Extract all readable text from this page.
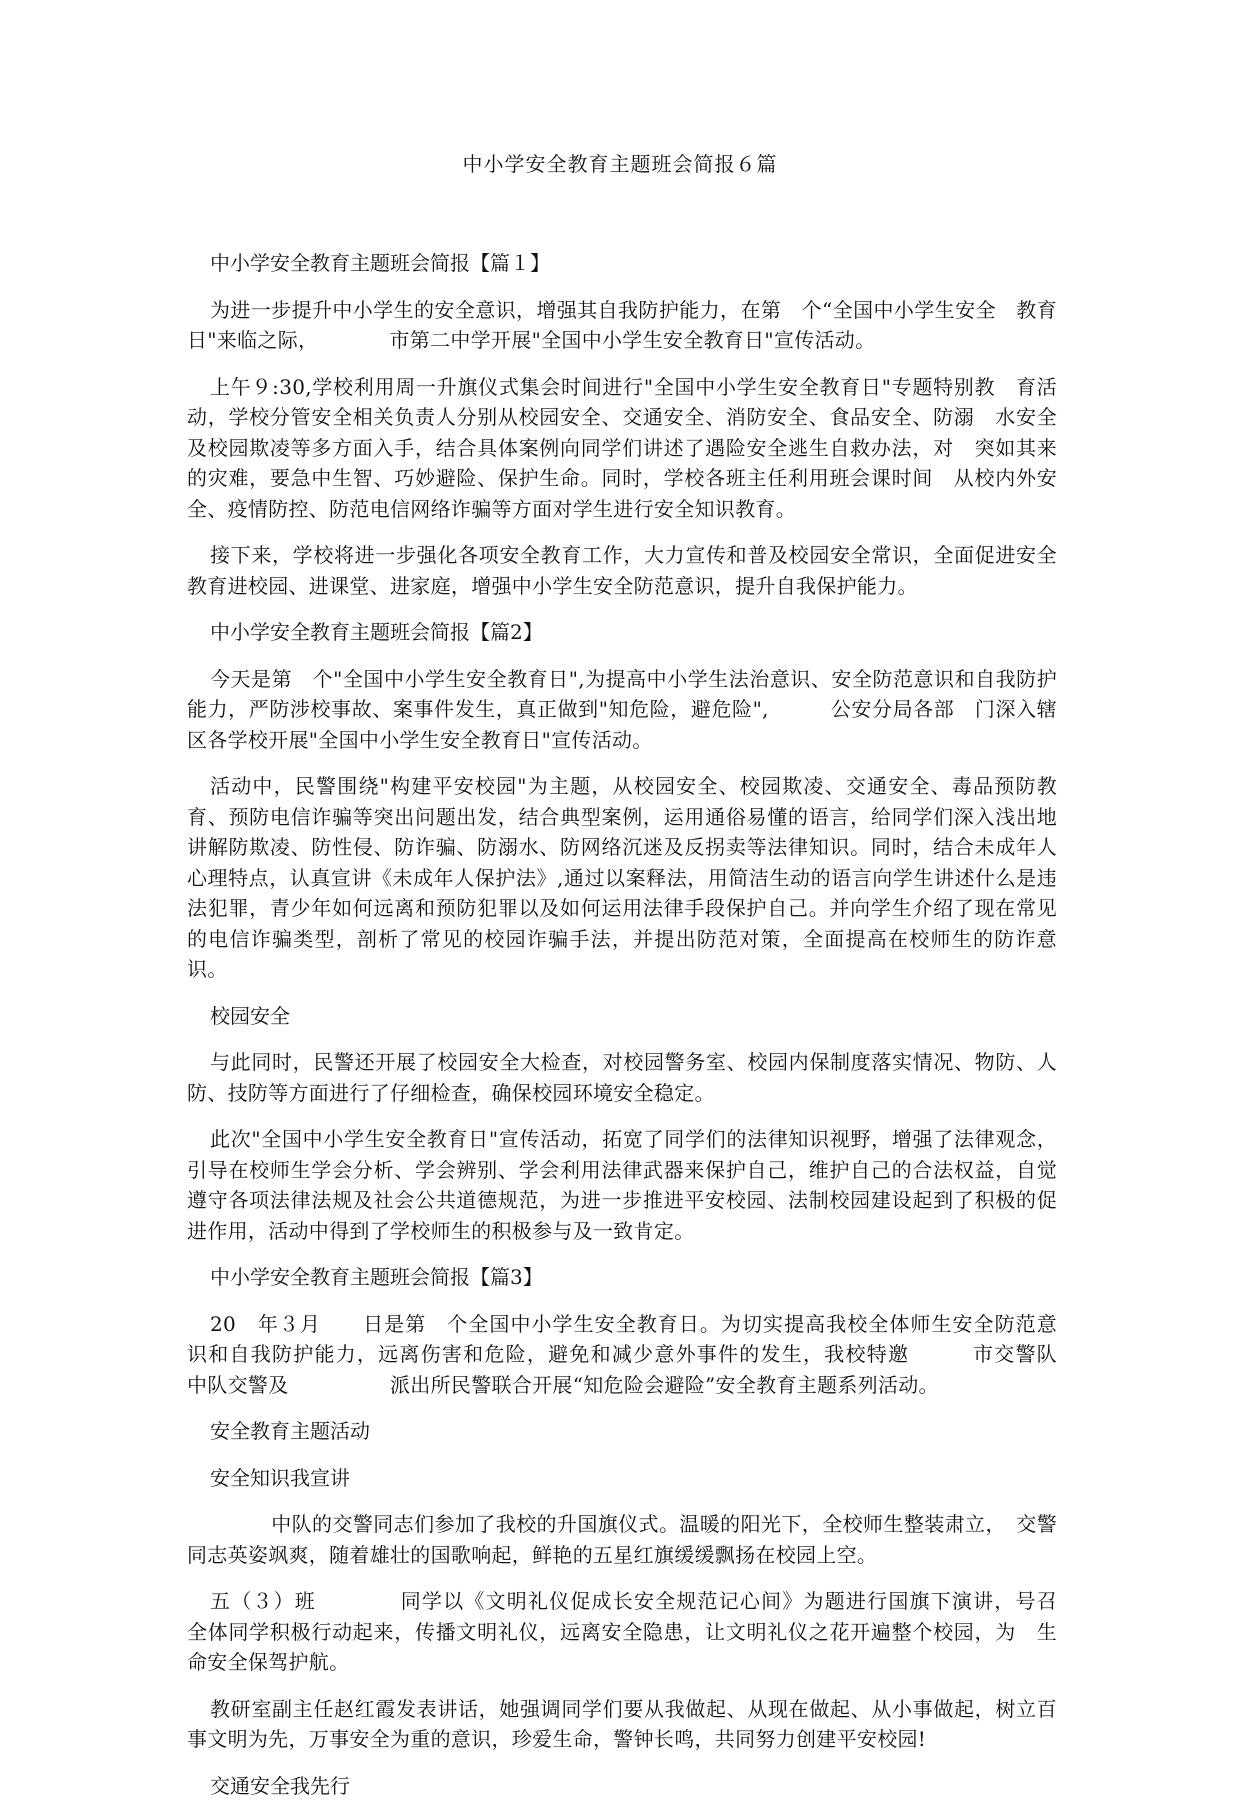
中小学安全教育主题班会简报６篇
中小学安全教育主题班会简报【篇１】
为进一步提升中小学生的安全意识，增强其自我防护能力，在第　个“全国中小学生安全　教育日"来临之际，　　　　市第二中学开展"全国中小学生安全教育日"宣传活动。
上午９:30,学校利用周一升旗仪式集会时间进行"全国中小学生安全教育日"专题特别教　育活动，学校分管安全相关负责人分别从校园安全、交通安全、消防安全、食品安全、防溺　水安全及校园欺凌等多方面入手，结合具体案例向同学们讲述了遇险安全逃生自救办法，对　突如其来的灾难，要急中生智、巧妙避险、保护生命。同时，学校各班主任利用班会课时间　从校内外安全、疫情防控、防范电信网络诈骗等方面对学生进行安全知识教育。
接下来，学校将进一步强化各项安全教育工作，大力宣传和普及校园安全常识，全面促进安全教育进校园、进课堂、进家庭，增强中小学生安全防范意识，提升自我保护能力。
中小学安全教育主题班会简报【篇2】
今天是第　个"全国中小学生安全教育日",为提高中小学生法治意识、安全防范意识和自我防护能力，严防涉校事故、案事件发生，真正做到"知危险，避危险",　　　公安分局各部　门深入辖区各学校开展"全国中小学生安全教育日"宣传活动。
活动中，民警围绕"构建平安校园"为主题，从校园安全、校园欺凌、交通安全、毒品预防教育、预防电信诈骗等突出问题出发，结合典型案例，运用通俗易懂的语言，给同学们深入浅出地讲解防欺凌、防性侵、防诈骗、防溺水、防网络沉迷及反拐卖等法律知识。同时，结合未成年人心理特点，认真宣讲《未成年人保护法》,通过以案释法，用简洁生动的语言向学生讲述什么是违法犯罪，青少年如何远离和预防犯罪以及如何运用法律手段保护自己。并向学生介绍了现在常见的电信诈骗类型，剖析了常见的校园诈骗手法，并提出防范对策，全面提高在校师生的防诈意识。
校园安全
与此同时，民警还开展了校园安全大检查，对校园警务室、校园内保制度落实情况、物防、人防、技防等方面进行了仔细检查，确保校园环境安全稳定。
此次"全国中小学生安全教育日"宣传活动，拓宽了同学们的法律知识视野，增强了法律观念，引导在校师生学会分析、学会辨别、学会利用法律武器来保护自己，维护自己的合法权益，自觉遵守各项法律法规及社会公共道德规范，为进一步推进平安校园、法制校园建设起到了积极的促进作用，活动中得到了学校师生的积极参与及一致肯定。
中小学安全教育主题班会简报【篇3】
20　年３月　　日是第　个全国中小学生安全教育日。为切实提高我校全体师生安全防范意　识和自我防护能力，远离伤害和危险，避免和减少意外事件的发生，我校特邀　　　市交警队　　中队交警及　　　　　派出所民警联合开展“知危险会避险”安全教育主题系列活动。
安全教育主题活动
安全知识我宣讲
　　　中队的交警同志们参加了我校的升国旗仪式。温暖的阳光下，全校师生整装肃立，　交警同志英姿飒爽，随着雄壮的国歌响起，鲜艳的五星红旗缓缓飘扬在校园上空。
五（３）班　　　　同学以《文明礼仪促成长安全规范记心间》为题进行国旗下演讲，号召　全体同学积极行动起来，传播文明礼仪，远离安全隐患，让文明礼仪之花开遍整个校园，为　生命安全保驾护航。
教研室副主任赵红霞发表讲话，她强调同学们要从我做起、从现在做起、从小事做起，树立百事文明为先，万事安全为重的意识，珍爱生命，警钟长鸣，共同努力创建平安校园!
交通安全我先行
